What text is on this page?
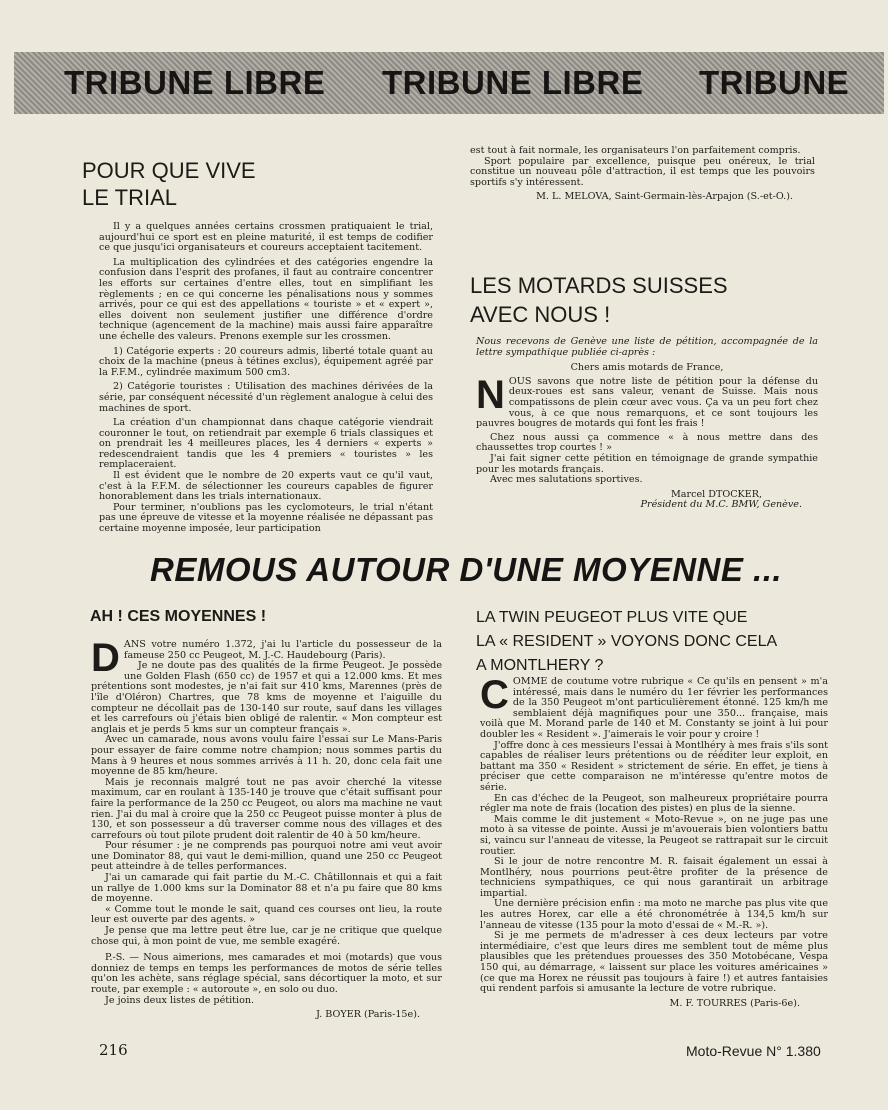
TRIBUNE LIBRE TRIBUNE LIBRE TRIBUNE
POUR QUE VIVE
LE TRIAL

Il y a quelques années certains crossmen pratiquaient le trial, aujourd'hui ce sport est en pleine maturité, il est temps de codifier ce que jusqu'ici organisateurs et coureurs acceptaient tacitement.

La multiplication des cylindrées et des catégories engendre la confusion dans l'esprit des profanes, il faut au contraire concentrer les efforts sur certaines d'entre elles, tout en simplifiant les règlements ; en ce qui concerne les pénalisations nous y sommes arrivés, pour ce qui est des appellations « touriste » et « expert », elles doivent non seulement justifier une différence d'ordre technique (agencement de la machine) mais aussi faire apparaître une échelle des valeurs. Prenons exemple sur les crossmen.

1) Catégorie experts : 20 coureurs admis, liberté totale quant au choix de la machine (pneus à tétines exclus), équipement agréé par la F.F.M., cylindrée maximum 500 cm3.

2) Catégorie touristes : Utilisation des machines dérivées de la série, par conséquent nécessité d'un règlement analogue à celui des machines de sport.

La création d'un championnat dans chaque catégorie viendrait couronner le tout, on retiendrait par exemple 6 trials classiques et on prendrait les 4 meilleures places, les 4 derniers « experts » redescendraient tandis que les 4 premiers « touristes » les remplaceraient.

Il est évident que le nombre de 20 experts vaut ce qu'il vaut, c'est à la F.F.M. de sélectionner les coureurs capables de figurer honorablement dans les trials internationaux.

Pour terminer, n'oublions pas les cyclomoteurs, le trial n'étant pas une épreuve de vitesse et la moyenne réalisée ne dépassant pas certaine moyenne imposée, leur participation

est tout à fait normale, les organisateurs l'on parfaitement compris.

Sport populaire par excellence, puisque peu onéreux, le trial constitue un nouveau pôle d'attraction, il est temps que les pouvoirs sportifs s'y intéressent.

M. L. MELOVA, Saint-Germain-lès-Arpajon (S.-et-O.).
LES MOTARDS SUISSES
AVEC NOUS !

Nous recevons de Genève une liste de pétition, accompagnée de la lettre sympathique publiée ci-après :

Chers amis motards de France,

N OUS savons que notre liste de pétition pour la défense du deux-roues est sans valeur, venant de Suisse. Mais nous compatissons de plein cœur avec vous. Ça va un peu fort chez vous, à ce que nous remarquons, et ce sont toujours les pauvres bougres de motards qui font les frais !

Chez nous aussi ça commence « à nous mettre dans des chaussettes trop courtes ! »

J'ai fait signer cette pétition en témoignage de grande sympathie pour les motards français.

Avec mes salutations sportives.

Marcel DTOCKER,
Président du M.C. BMW, Genève.
REMOUS AUTOUR D'UNE MOYENNE ...
AH ! CES MOYENNES !
D ANS votre numéro 1.372, j'ai lu l'article du possesseur de la fameuse 250 cc Peugeot, M. J.-C. Haudebourg (Paris).

Je ne doute pas des qualités de la firme Peugeot. Je possède une Golden Flash (650 cc) de 1957 et qui a 12.000 kms. Et mes prétentions sont modestes, je n'ai fait sur 410 kms, Marennes (près de l'île d'Oléron) Chartres, que 78 kms de moyenne et l'aiguille du compteur ne décollait pas de 130-140 sur route, sauf dans les villages et les carrefours où j'étais bien obligé de ralentir. « Mon compteur est anglais et je perds 5 kms sur un compteur français ».

Avec un camarade, nous avons voulu faire l'essai sur Le Mans-Paris pour essayer de faire comme notre champion; nous sommes partis du Mans à 9 heures et nous sommes arrivés à 11 h. 20, donc cela fait une moyenne de 85 km/heure.

Mais je reconnais malgré tout ne pas avoir cherché la vitesse maximum, car en roulant à 135-140 je trouve que c'était suffisant pour faire la performance de la 250 cc Peugeot, ou alors ma machine ne vaut rien. J'ai du mal à croire que la 250 cc Peugeot puisse monter à plus de 130, et son possesseur a dû traverser comme nous des villages et des carrefours où tout pilote prudent doit ralentir de 40 à 50 km/heure.

Pour résumer : je ne comprends pas pourquoi notre ami veut avoir une Dominator 88, qui vaut le demi-million, quand une 250 cc Peugeot peut atteindre à de telles performances.

J'ai un camarade qui fait partie du M.-C. Châtillonnais et qui a fait un rallye de 1.000 kms sur la Dominator 88 et n'a pu faire que 80 kms de moyenne.

« Comme tout le monde le sait, quand ces courses ont lieu, la route leur est ouverte par des agents. »

Je pense que ma lettre peut être lue, car je ne critique que quelque chose qui, à mon point de vue, me semble exagéré.

P.-S. — Nous aimerions, mes camarades et moi (motards) que vous donniez de temps en temps les performances de motos de série telles qu'on les achète, sans réglage spécial, sans décortiquer la moto, et sur route, par exemple : « autoroute », en solo ou duo.

Je joins deux listes de pétition.

J. BOYER (Paris-15e).
LA TWIN PEUGEOT PLUS VITE QUE
LA « RESIDENT » VOYONS DONC CELA
A MONTLHERY ?
C OMME de coutume votre rubrique « Ce qu'ils en pensent » m'a intéressé, mais dans le numéro du 1er février les performances de la 350 Peugeot m'ont particulièrement étonné. 125 km/h me semblaient déjà magnifiques pour une 350... française, mais voilà que M. Morand parle de 140 et M. Constanty se joint à lui pour doubler les « Resident ». J'aimerais le voir pour y croire !

J'offre donc à ces messieurs l'essai à Montlhéry à mes frais s'ils sont capables de réaliser leurs prétentions ou de rééditer leur exploit, en battant ma 350 « Resident » strictement de série. En effet, je tiens à préciser que cette comparaison ne m'intéresse qu'entre motos de série.

En cas d'échec de la Peugeot, son malheureux propriétaire pourra régler ma note de frais (location des pistes) en plus de la sienne.

Mais comme le dit justement « Moto-Revue », on ne juge pas une moto à sa vitesse de pointe. Aussi je m'avouerais bien volontiers battu si, vaincu sur l'anneau de vitesse, la Peugeot se rattrapait sur le circuit routier.

Si le jour de notre rencontre M. R. faisait également un essai à Montlhéry, nous pourrions peut-être profiter de la présence de techniciens sympathiques, ce qui nous garantirait un arbitrage impartial.

Une dernière précision enfin : ma moto ne marche pas plus vite que les autres Horex, car elle a été chronométrée à 134,5 km/h sur l'anneau de vitesse (135 pour la moto d'essai de « M.-R. »).

Si je me permets de m'adresser à ces deux lecteurs par votre intermédiaire, c'est que leurs dires me semblent tout de même plus plausibles que les prétendues prouesses des 350 Motobécane, Vespa 150 qui, au démarrage, « laissent sur place les voitures américaines » (ce que ma Horex ne réussit pas toujours à faire !) et autres fantaisies qui rendent parfois si amusante la lecture de votre rubrique.

M. F. TOURRES (Paris-6e).
216	Moto-Revue N° 1.380
